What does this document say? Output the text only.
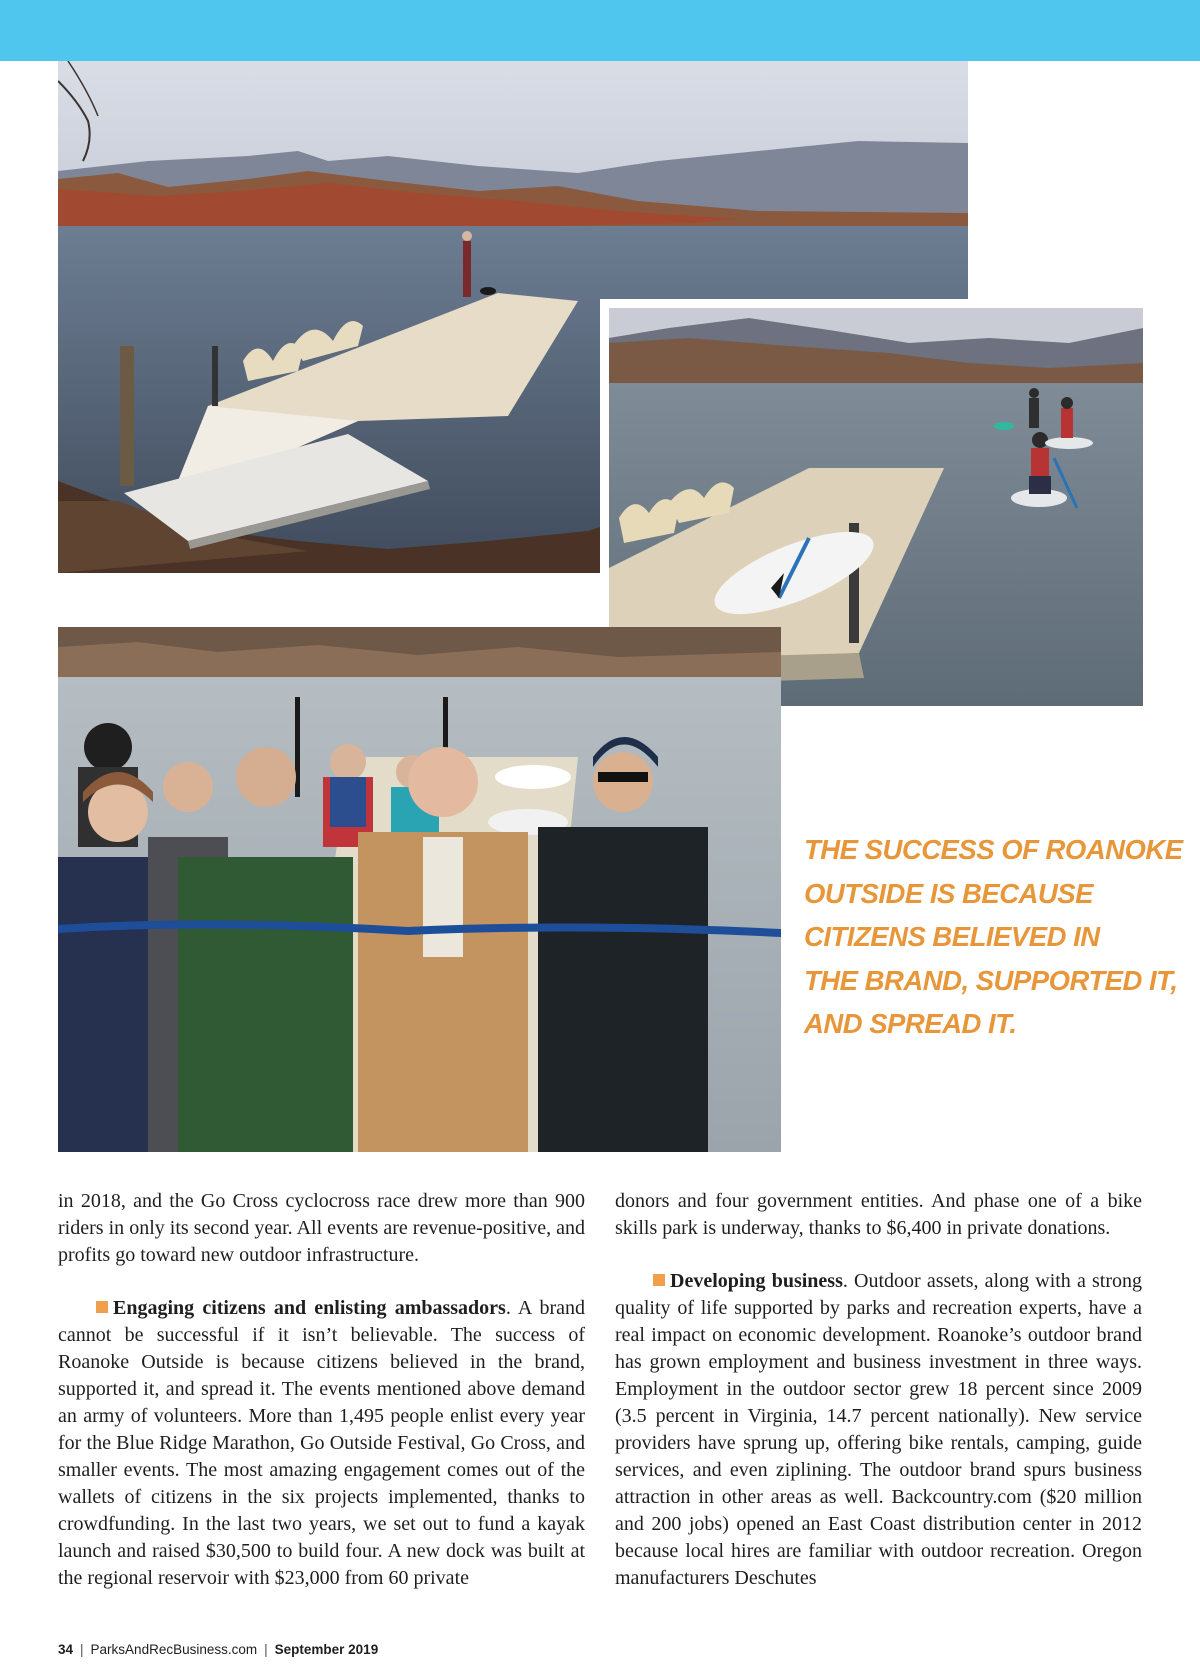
THE SUCCESS OF ROANOKE
OUTSIDE IS BECAUSE
CITIZENS BELIEVED IN
THE BRAND, SUPPORTED IT,
AND SPREAD IT.

in 2018, and the Go Cross cyclocross race drew more than 900 riders in only its second year. All events are revenue-positive, and profits go toward new outdoor infrastructure.

Engaging citizens and enlisting ambassadors. A brand cannot be successful if it isn’t believable. The success of Roanoke Outside is because citizens believed in the brand, supported it, and spread it. The events mentioned above demand an army of volunteers. More than 1,495 people enlist every year for the Blue Ridge Marathon, Go Outside Festival, Go Cross, and smaller events. The most amazing engagement comes out of the wallets of citizens in the six projects implemented, thanks to crowdfunding. In the last two years, we set out to fund a kayak launch and raised $30,500 to build four. A new dock was built at the regional reservoir with $23,000 from 60 private

donors and four government entities. And phase one of a bike skills park is underway, thanks to $6,400 in private donations.

Developing business. Outdoor assets, along with a strong quality of life supported by parks and recreation experts, have a real impact on economic development. Roanoke’s outdoor brand has grown employment and business investment in three ways. Employment in the outdoor sector grew 18 percent since 2009 (3.5 percent in Virginia, 14.7 percent nationally). New service providers have sprung up, offering bike rentals, camping, guide services, and even ziplining. The outdoor brand spurs business attraction in other areas as well. Backcountry.com ($20 million and 200 jobs) opened an East Coast distribution center in 2012 because local hires are familiar with outdoor recreation. Oregon manufacturers Deschutes

34 | ParksAndRecBusiness.com | September 2019
